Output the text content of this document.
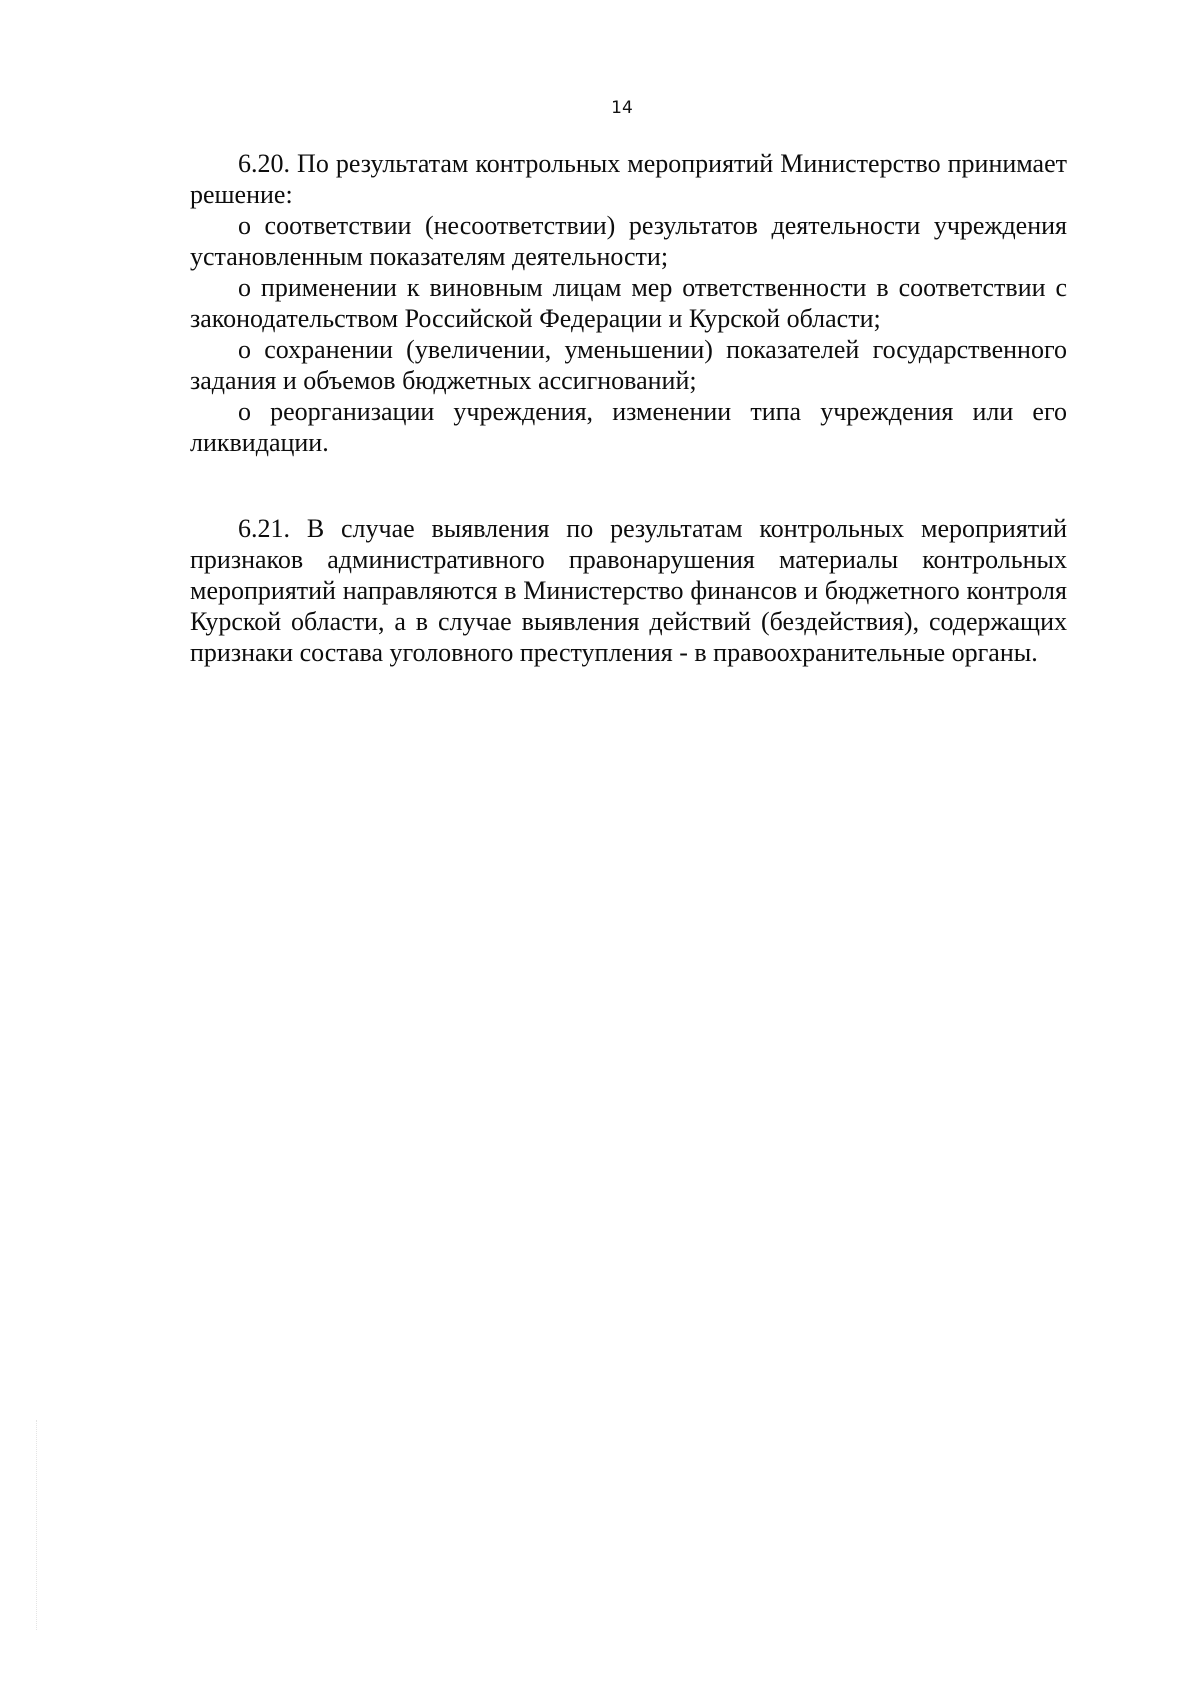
14

6.20. По результатам контрольных мероприятий Министерство принимает решение:

о соответствии (несоответствии) результатов деятельности учреждения установленным показателям деятельности;

о применении к виновным лицам мер ответственности в соответствии с законодательством Российской Федерации и Курской области;

о сохранении (увеличении, уменьшении) показателей государственного задания и объемов бюджетных ассигнований;

о реорганизации учреждения, изменении типа учреждения или его ликвидации.

6.21. В случае выявления по результатам контрольных мероприятий признаков административного правонарушения материалы контрольных мероприятий направляются в Министерство финансов и бюджетного контроля Курской области, а в случае выявления действий (бездействия), содержащих признаки состава уголовного преступления - в правоохранительные органы.
